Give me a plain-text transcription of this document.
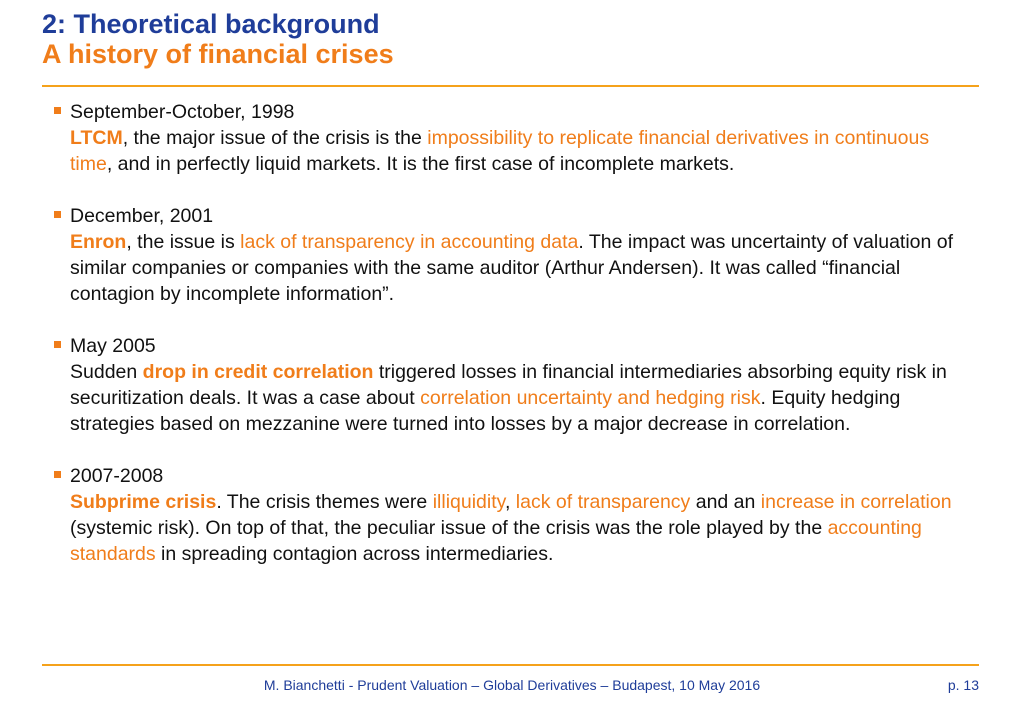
2: Theoretical background
A history of financial crises
September-October, 1998
LTCM, the major issue of the crisis is the impossibility to replicate financial derivatives in continuous time, and in perfectly liquid markets. It is the first case of incomplete markets.
December, 2001
Enron, the issue is lack of transparency in accounting data. The impact was uncertainty of valuation of similar companies or companies with the same auditor (Arthur Andersen). It was called “financial contagion by incomplete information”.
May 2005
Sudden drop in credit correlation triggered losses in financial intermediaries absorbing equity risk in securitization deals. It was a case about correlation uncertainty and hedging risk. Equity hedging strategies based on mezzanine were turned into losses by a major decrease in correlation.
2007-2008
Subprime crisis. The crisis themes were illiquidity, lack of transparency and an increase in correlation (systemic risk). On top of that, the peculiar issue of the crisis was the role played by the accounting standards in spreading contagion across intermediaries.
M. Bianchetti - Prudent Valuation – Global Derivatives – Budapest, 10 May 2016	p. 13
